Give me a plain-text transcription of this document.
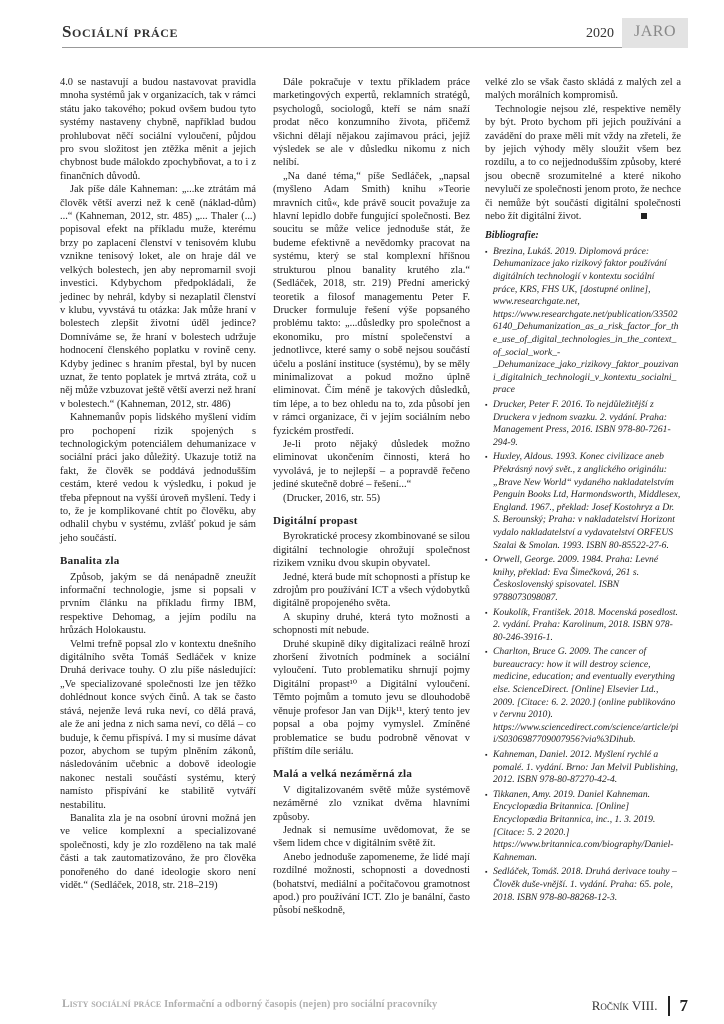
Sociální práce	2020	JARO

4.0 se nastavují a budou nastavovat pravidla mnoha systémů jak v organizacích, tak v rámci státu jako takového; pokud ovšem budou tyto systémy nastaveny chybně, například budou prohlubovat něčí sociální vyloučení, půjdou pro svou složitost jen ztěžka měnit a jejich chybnost bude málokdo zpochybňovat, a to i z finančních důvodů.

Jak píše dále Kahneman: „...ke ztrátám má člověk větší averzi než k ceně (náklad-dům) ...“ (Kahneman, 2012, str. 485) „... Thaler (...) popisoval efekt na příkladu muže, kterému brzy po zaplacení členství v tenisovém klubu vznikne tenisový loket, ale on hraje dál ve velkých bolestech, jen aby nepromarnil svoji investici. Kdybychom předpokládali, že jedinec by nehrál, kdyby si nezaplatil členství v klubu, vyvstává tu otázka: Jak může hraní v bolestech zlepšit životní úděl jedince? Domníváme se, že hraní v bolestech udržuje hodnocení členského poplatku v rovině ceny. Kdyby jedinec s hraním přestal, byl by nucen uznat, že tento poplatek je mrtvá ztráta, což u něj může vzbuzovat ještě větší averzi než hraní v bolestech.“ (Kahneman, 2012, str. 486)

Kahnemanův popis lidského myšlení vidím pro pochopení rizik spojených s technologickým potenciálem dehumanizace v sociální práci jako důležitý. Ukazuje totiž na fakt, že člověk se poddává jednodušším cestám, které vedou k výsledku, i pokud je třeba přepnout na vyšší úroveň myšlení. Tedy i to, že je komplikované chtít po člověku, aby odhalil chybu v systému, zvlášť pokud je sám jeho součástí.

Banalita zla

Způsob, jakým se dá nenápadně zneužít informační technologie, jsme si popsali v prvním článku na příkladu firmy IBM, respektive Dehomag, a jejím podílu na hrůzách Holokaustu.

Velmi trefně popsal zlo v kontextu dnešního digitálního světa Tomáš Sedláček v knize Druhá derivace touhy. O zlu píše následující: „Ve specializované společnosti lze jen těžko dohlédnout konce svých činů. A tak se často stává, nejenže levá ruka neví, co dělá pravá, ale že ani jedna z nich sama neví, co dělá – co buduje, k čemu přispívá. I my si musíme dávat pozor, abychom se tupým plněním zákonů, následováním učebnic a dobově ideologie nakonec nestali součástí systému, který namísto přispívání ke stabilitě vytváří nestabilitu.

Banalita zla je na osobní úrovni možná jen ve velice komplexní a specializované společnosti, kdy je zlo rozděleno na tak malé části a tak zautomatizováno, že pro člověka ponořeného do dané ideologie skoro není vidět.“ (Sedláček, 2018, str. 218–219)

Dále pokračuje v textu příkladem práce marketingových expertů, reklamních stratégů, psychologů, sociologů, kteří se nám snaží prodat něco konzumního života, přičemž všichni dělají nějakou zajímavou práci, jejíž výsledek se ale v důsledku nikomu z nich nelíbí.

„Na dané téma,“ píše Sedláček, „napsal (myšleno Adam Smith) knihu »Teorie mravních citů«, kde právě soucit považuje za hlavní lepidlo dobře fungující společnosti. Bez soucitu se může velice jednoduše stát, že budeme efektivně a nevědomky pracovat na systému, který se stal komplexní hříšnou strukturou plnou banality krutého zla.“ (Sedláček, 2018, str. 219) Přední americký teoretik a filosof managementu Peter F. Drucker formuluje řešení výše popsaného problému takto: „...důsledky pro společnost a ekonomiku, pro místní společenství a jednotlivce, které samy o sobě nejsou součástí účelu a poslání instituce (systému), by se měly minimalizovat a pokud možno úplně eliminovat. Čím méně je takových důsledků, tím lépe, a to bez ohledu na to, zda působí jen v rámci organizace, či v jejím sociálním nebo fyzickém prostředí.

Je-li proto nějaký důsledek možno eliminovat ukončením činnosti, která ho vyvolává, je to nejlepší – a popravdě řečeno jediné skutečně dobré – řešení...“

(Drucker, 2016, str. 55)

Digitální propast

Byrokratické procesy zkombinované se silou digitální technologie ohrožují společnost rizikem vzniku dvou skupin obyvatel.

Jedné, která bude mít schopnosti a přístup ke zdrojům pro používání ICT a všech výdobytků digitálně propojeného světa.

A skupiny druhé, která tyto možnosti a schopnosti mít nebude.

Druhé skupině díky digitalizaci reálně hrozí zhoršení životních podmínek a sociální vyloučení. Tuto problematiku shrnují pojmy Digitální propast¹⁰ a Digitální vyloučení. Těmto pojmům a tomuto jevu se dlouhodobě věnuje profesor Jan van Dijk¹¹, který tento jev popsal a oba pojmy vymyslel. Zmíněné problematice se budu podrobně věnovat v příštím díle seriálu.

Malá a velká nezáměrná zla

V digitalizovaném světě může systémově nezáměrné zlo vznikat dvěma hlavními způsoby.

Jednak si nemusíme uvědomovat, že se všem lidem chce v digitálním světě žít.

Anebo jednoduše zapomeneme, že lidé mají rozdílné možnosti, schopnosti a dovednosti (bohatství, mediální a počítačovou gramotnost apod.) pro používání ICT. Zlo je banální, často působí neškodně,

velké zlo se však často skládá z malých zel a malých morálních kompromisů.

Technologie nejsou zlé, respektive neměly by být. Proto bychom při jejich používání a zavádění do praxe měli mít vždy na zřeteli, že by jejich výhody měly sloužit všem bez rozdílu, a to co nejjednodušším způsoby, které jsou obecně srozumitelné a které nikoho nevylučí ze společnosti jenom proto, že nechce či nemůže být součástí digitální společnosti nebo žít digitální život.

Bibliografie:
▪ Brezina, Lukáš. 2019. Diplomová práce: Dehumanizace jako rizikový faktor používání digitálních technologií v kontextu sociální práce, KRS, FHS UK, [dostupné online], www.researchgate.net, https://www.researchgate.net/publication/335026140_Dehumanization_as_a_risk_factor_for_the_use_of_digital_technologies_in_the_context_of_social_work_-_Dehumanizace_jako_rizikovy_faktor_pouzivani_digitalnich_technologii_v_kontextu_socialni_prace
▪ Drucker, Peter F. 2016. To nejdůležitější z Druckera v jednom svazku. 2. vydání. Praha: Management Press, 2016. ISBN 978-80-7261-294-9.
▪ Huxley, Aldous. 1993. Konec civilizace aneb Překrásný nový svět., z anglického originálu: „Brave New World“ vydaného nakladatelstvím Penguin Books Ltd, Harmondsworth, Middlesex, England. 1967., překlad: Josef Kostohryz a Dr. S. Berounský; Praha: v nakladatelství Horizont vydalo nakladatelství a vydavatelství ORFEUS Szalai & Smolan. 1993. ISBN 80-85522-27-6.
▪ Orwell, George. 2009. 1984. Praha: Levné knihy, překlad: Eva Šimečková, 261 s. Československý spisovatel. ISBN 9788073098087.
▪ Koukolík, František. 2018. Mocenská posedlost. 2. vydání. Praha: Karolinum, 2018. ISBN 978-80-246-3916-1.
▪ Charlton, Bruce G. 2009. The cancer of bureaucracy: how it will destroy science, medicine, education; and eventually everything else. ScienceDirect. [Online] Elsevier Ltd., 2009. [Citace: 6. 2. 2020.] (online publikováno v červnu 2010). https://www.sciencedirect.com/science/article/pii/S0306987709007956?via%3Dihub.
▪ Kahneman, Daniel. 2012. Myšlení rychlé a pomalé. 1. vydání. Brno: Jan Melvil Publishing, 2012. ISBN 978-80-87270-42-4.
▪ Tikkanen, Amy. 2019. Daniel Kahneman. Encyclopædia Britannica. [Online] Encyclopædia Britannica, inc., 1. 3. 2019. [Citace: 5. 2 2020.] https://www.britannica.com/biography/Daniel-Kahneman.
▪ Sedláček, Tomáš. 2018. Druhá derivace touhy – Člověk duše-vnější. 1. vydání. Praha: 65. pole, 2018. ISBN 978-80-88268-12-3.
Listy sociální práce Informační a odborný časopis (nejen) pro sociální pracovníky	Ročník VIII.	7
